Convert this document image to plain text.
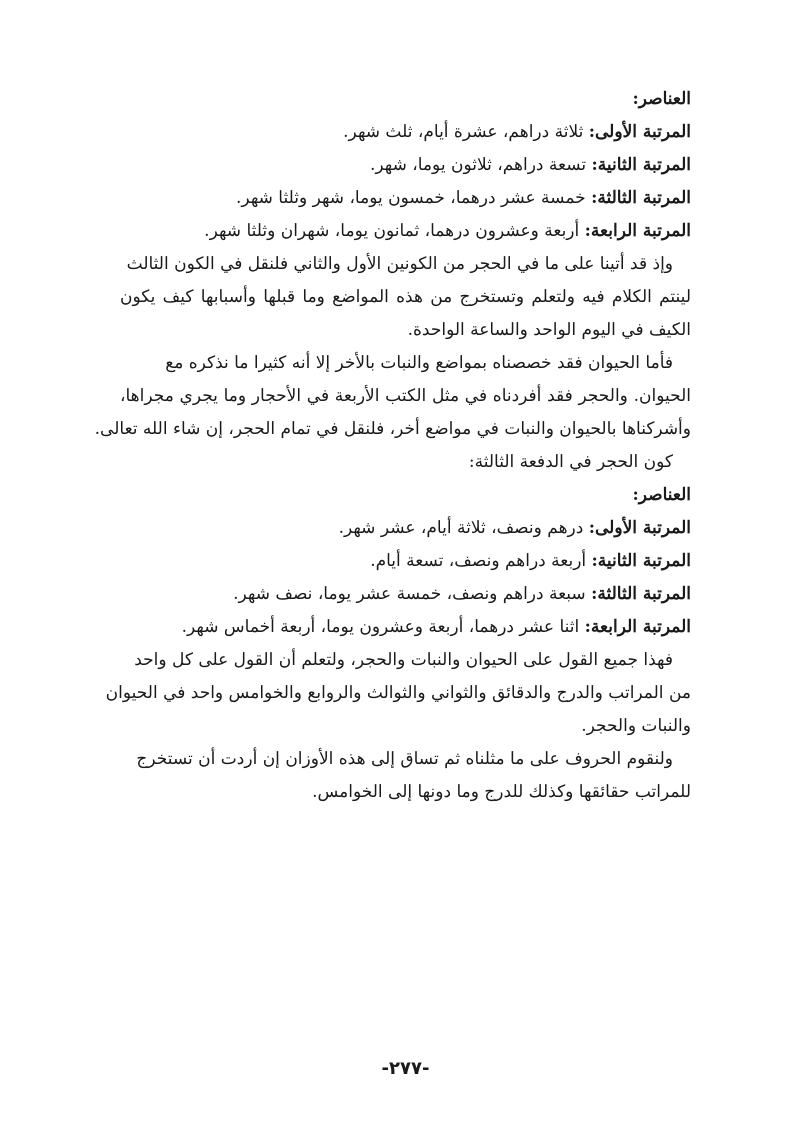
العناصر:
المرتبة الأولى: ثلاثة دراهم، عشرة أيام، ثلث شهر.
المرتبة الثانية: تسعة دراهم، ثلاثون يوما، شهر.
المرتبة الثالثة: خمسة عشر درهما، خمسون يوما، شهر وثلثا شهر.
المرتبة الرابعة: أربعة وعشرون درهما، ثمانون يوما، شهران وثلثا شهر.
وإذ قد أتينا على ما في الحجر من الكونين الأول والثاني فلنقل في الكون الثالث
لينتم الكلام فيه ولتعلم وتستخرج من هذه المواضع وما قبلها وأسبابها كيف يكون
الكيف في اليوم الواحد والساعة الواحدة.
فأما الحيوان فقد خصصناه بمواضع والنبات بالأخر إلا أنه كثيرا ما نذكره مع
الحيوان. والحجر فقد أفردناه في مثل الكتب الأربعة في الأحجار وما يجري مجراها،
وأشركناها بالحيوان والنبات في مواضع أخر، فلنقل في تمام الحجر، إن شاء الله تعالى.
كون الحجر في الدفعة الثالثة:
العناصر:
المرتبة الأولى: درهم ونصف، ثلاثة أيام، عشر شهر.
المرتبة الثانية: أربعة دراهم ونصف، تسعة أيام.
المرتبة الثالثة: سبعة دراهم ونصف، خمسة عشر يوما، نصف شهر.
المرتبة الرابعة: اثنا عشر درهما، أربعة وعشرون يوما، أربعة أخماس شهر.
فهذا جميع القول على الحيوان والنبات والحجر، ولتعلم أن القول على كل واحد
من المراتب والدرج والدقائق والثواني والثوالث والروابع والخوامس واحد في الحيوان
والنبات والحجر.
ولنقوم الحروف على ما مثلناه ثم تساق إلى هذه الأوزان إن أردت أن تستخرج
للمراتب حقائقها وكذلك للدرج وما دونها إلى الخوامس.
-٢٧٧-
